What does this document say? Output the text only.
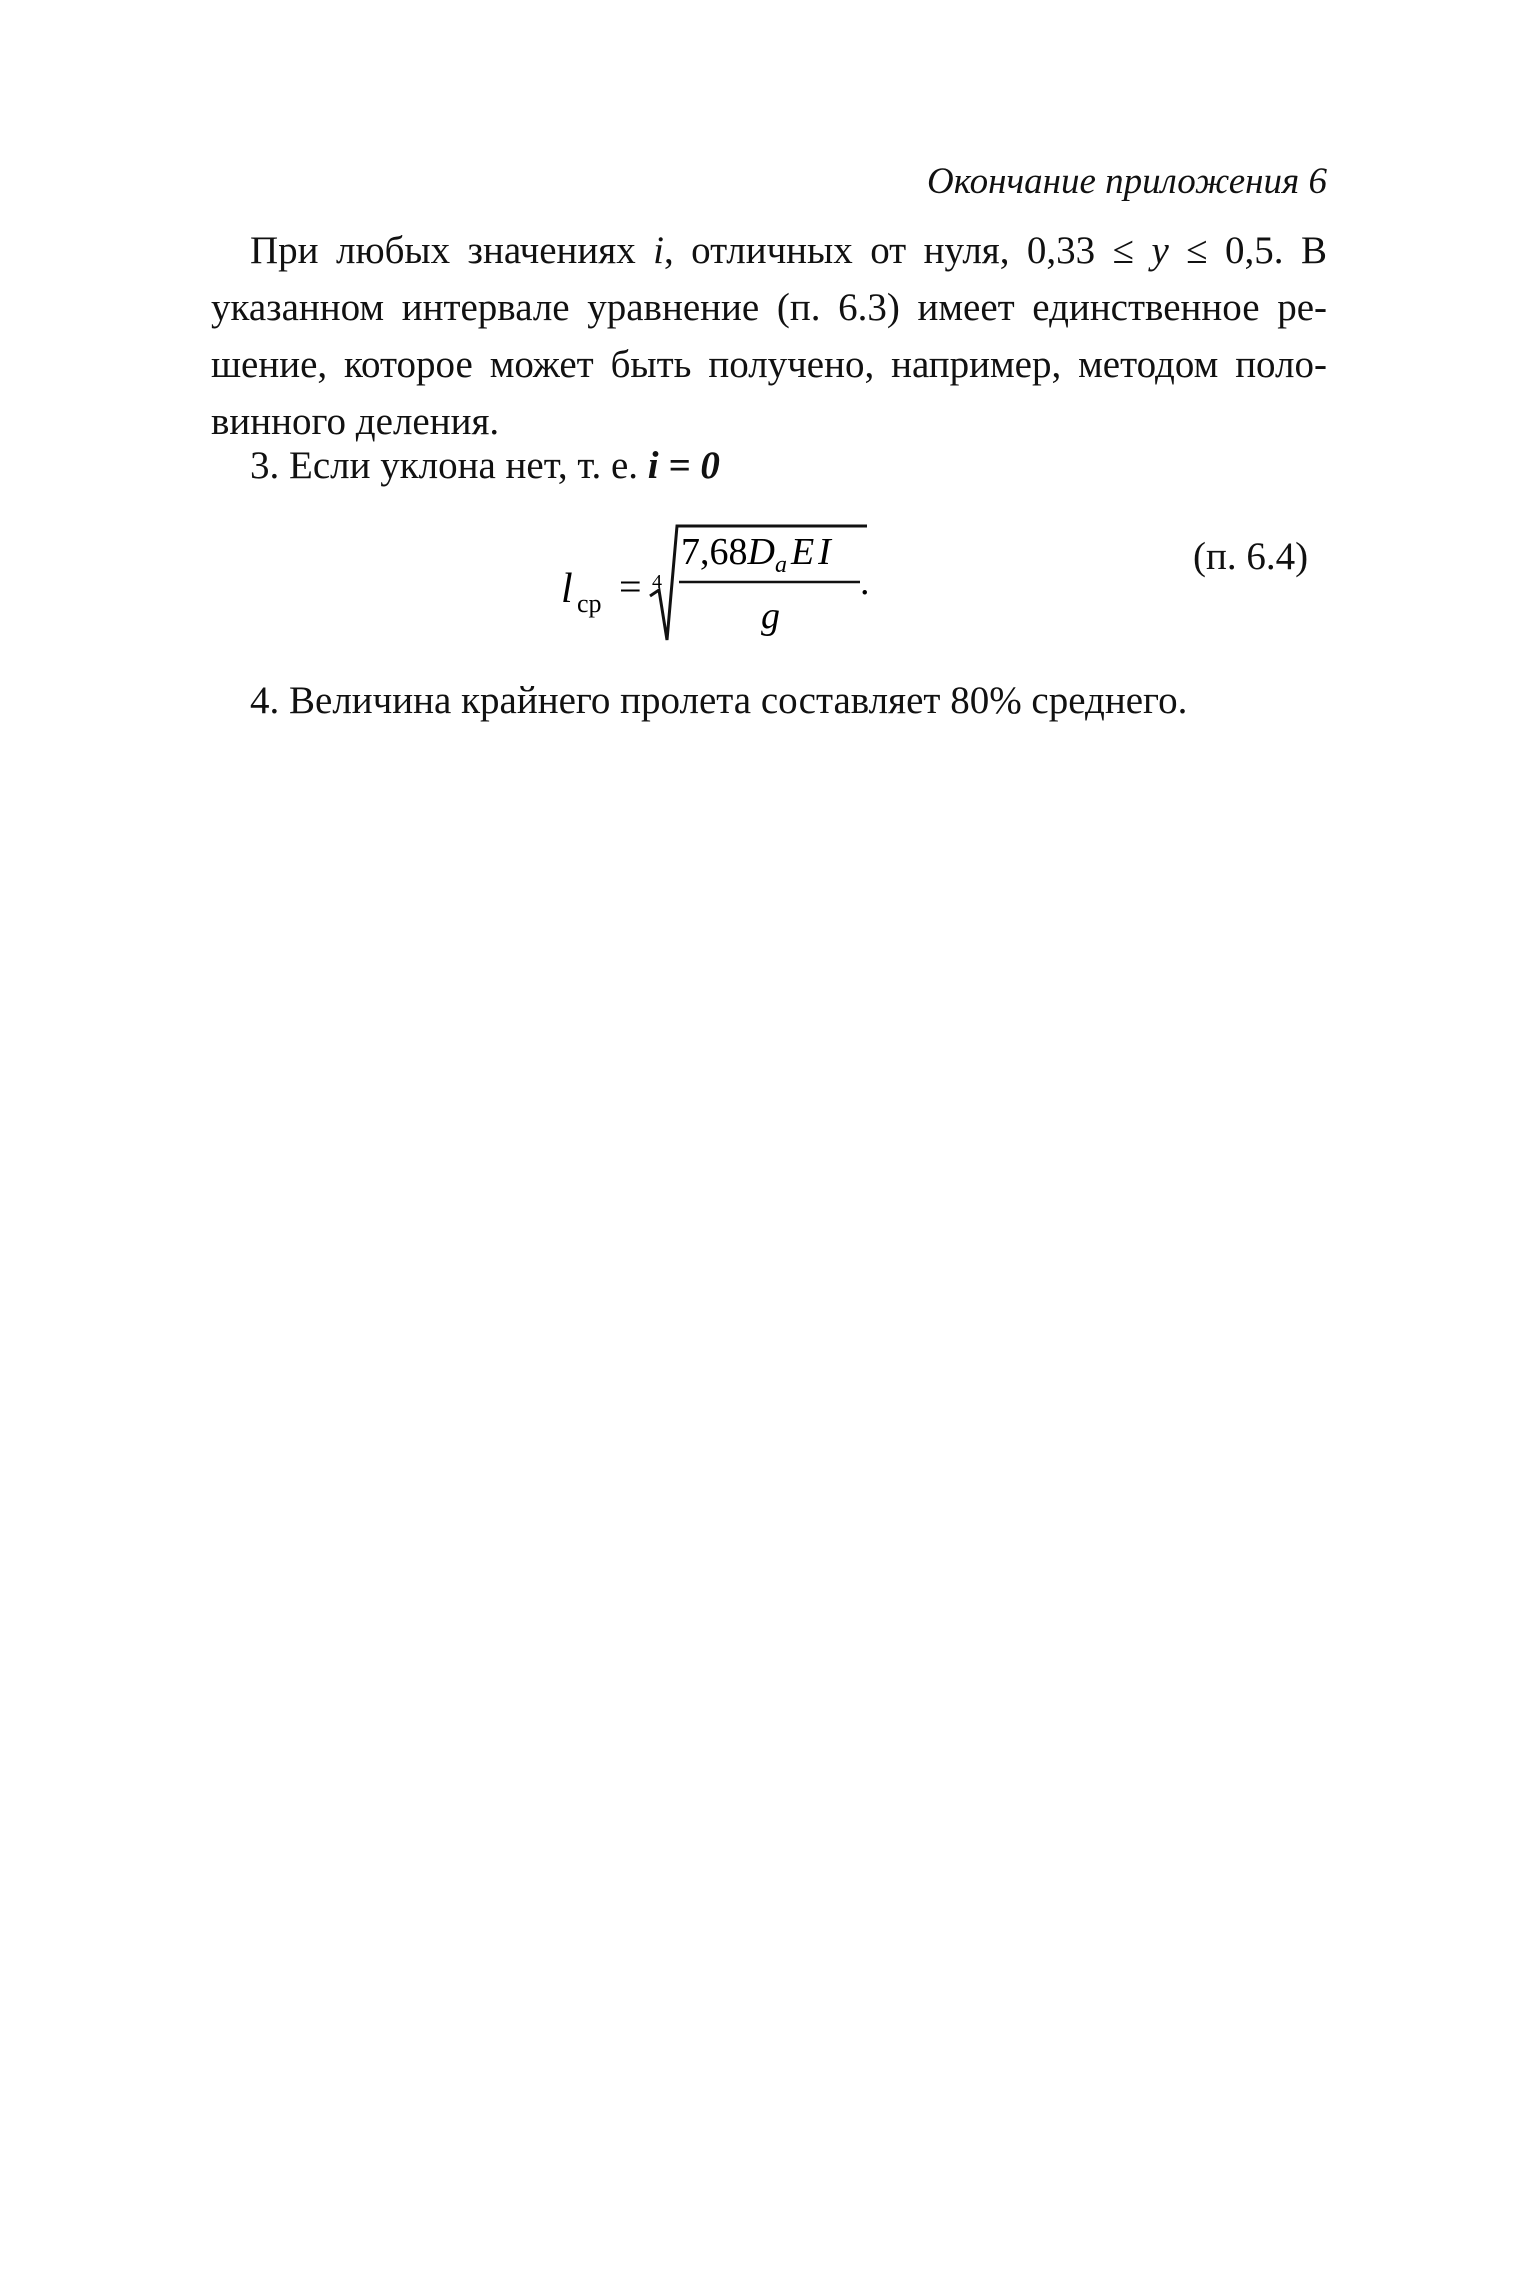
Окончание приложения 6
 При любых значениях i, отличных от нуля, 0,33 ≤ y ≤ 0,5. В
указанном интервале уравнение (п. 6.3) имеет единственное ре-
шение, которое может быть получено, например, методом поло-
винного деления.
 3. Если уклона нет, т. е. i = 0
l ср = 4
$7,68D_a$ EI
g
.
(п. 6.4)
 4. Величина крайнего пролета составляет 80% среднего.
